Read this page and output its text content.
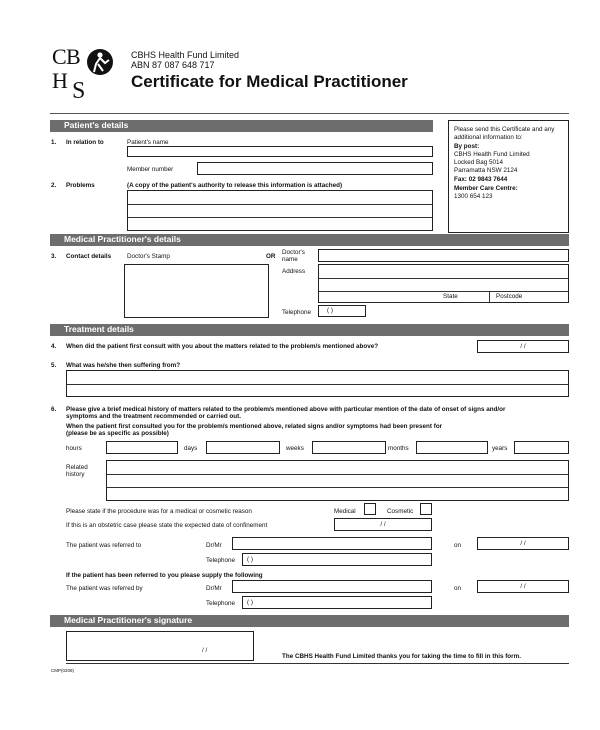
C B
H S
CBHS Health Fund Limited
ABN 87 087 648 717
Certificate for Medical Practitioner
Please send this Certificate and any additional information to:
By post:
CBHS Health Fund Limited
Locked Bag 5014
Parramatta NSW 2124
Fax: 02 9843 7644
Member Care Centre:
1300 654 123
Patient's details
1. In relation to	Patient's name
Member number
2. Problems	(A copy of the patient's authority to release this information is attached)
Medical Practitioner's details
3. Contact details	Doctor's Stamp	OR
Doctor's
name
Address
State	Postcode
Telephone	( )
Treatment details
4. When did the patient first consult with you about the matters related to the problem/s mentioned above?	/ /
5. What was he/she then suffering from?
6. Please give a brief medical history of matters related to the problem/s mentioned above with particular mention of the date of onset of signs and/or
symptoms and the treatment recommended or carried out.
When the patient first consulted you for the problem/s mentioned above, related signs and/or symptoms had been present for
(please be as specific as possible)
hours	days	weeks	months	years
Related
history
Please state if the procedure was for a medical or cosmetic reason	Medical	Cosmetic
If this is an obstetric case please state the expected date of confinement	/ /
The patient was referred to	Dr/Mr	on	/ /
Telephone	( )
If the patient has been referred to you please supply the following
The patient was referred by	Dr/Mr	on	/ /
Telephone	( )
Medical Practitioner's signature
/ /
The CBHS Health Fund Limited thanks you for taking the time to fill in this form.
CMP(0208)
